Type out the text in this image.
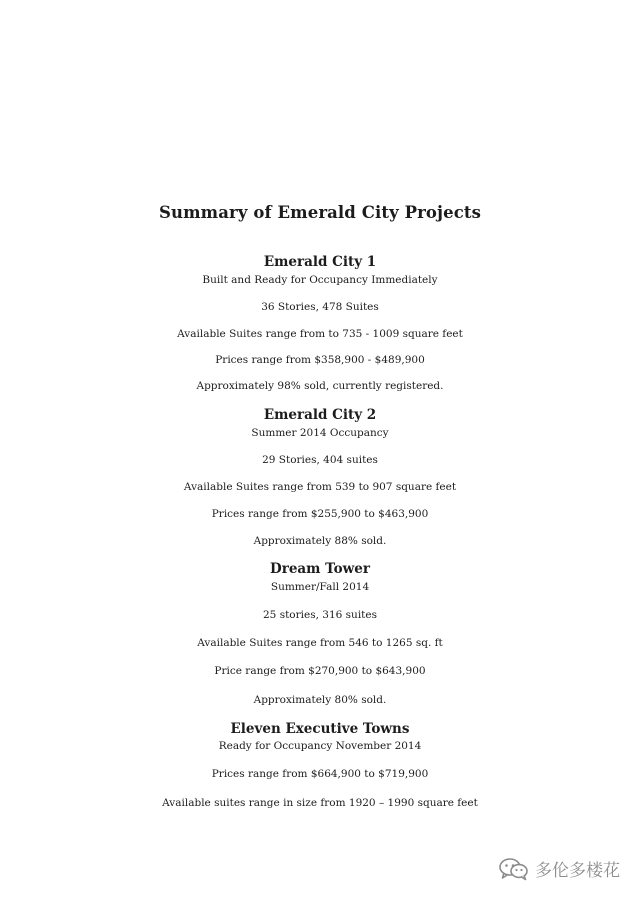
Summary of Emerald City Projects
Emerald City 1
Built and Ready for Occupancy Immediately
36 Stories, 478 Suites
Available Suites range from to 735 - 1009 square feet
Prices range from $358,900 - $489,900
Approximately 98% sold, currently registered.
Emerald City 2
Summer 2014 Occupancy
29 Stories, 404 suites
Available Suites range from 539 to 907 square feet
Prices range from $255,900 to $463,900
Approximately 88% sold.
Dream Tower
Summer/Fall 2014
25 stories, 316 suites
Available Suites range from 546 to 1265 sq. ft
Price range from $270,900 to $643,900
Approximately 80% sold.
Eleven Executive Towns
Ready for Occupancy November 2014
Prices range from $664,900 to $719,900
Available suites range in size from 1920 – 1990 square feet
多伦多楼花
